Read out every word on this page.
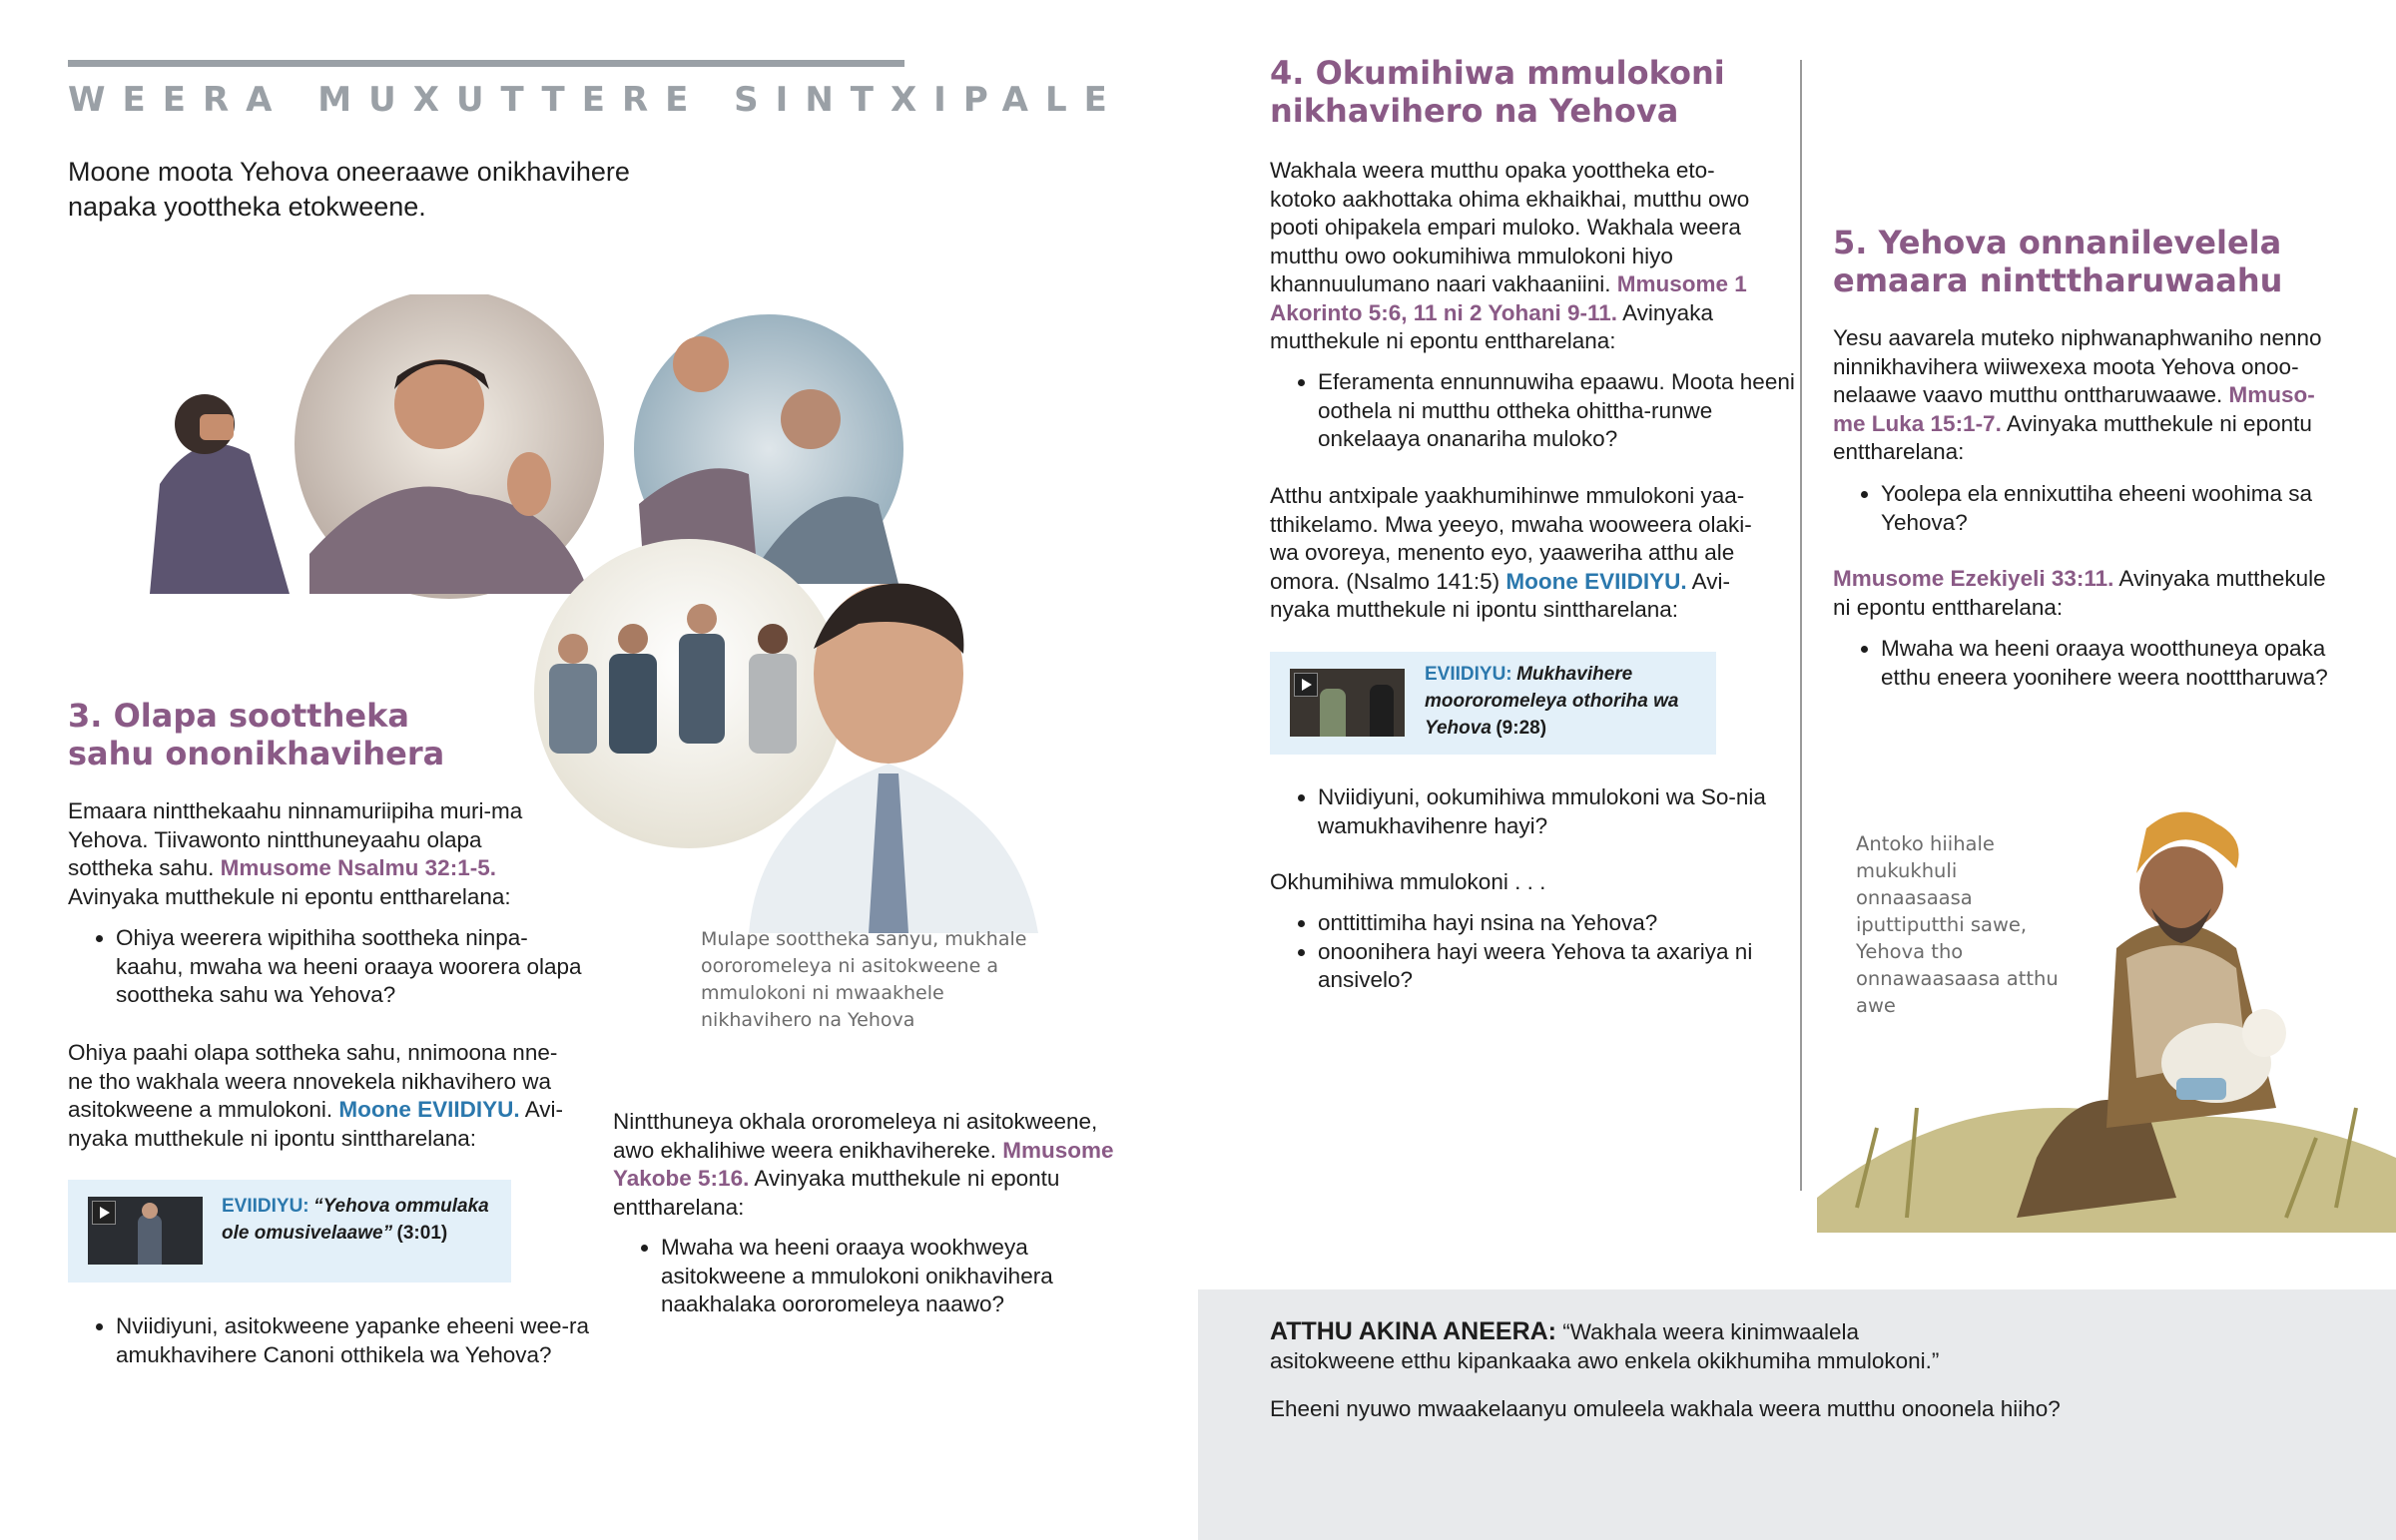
WEERA MUXUTTERE SINTXIPALE
Moone moota Yehova oneeraawe onikhavihere napaka yoottheka etokweene.
3. Olapa soottheka
sahu ononikhavihera

Emaara nintthekaahu ninnamuriipiha muri-ma Yehova. Tiivawonto nintthuneyaahu olapa sottheka sahu. Mmusome Nsalmu 32:1-5. Avinyaka mutthekule ni epontu enttharelana:

• Ohiya weerera wipithiha soottheka ninpa-kaahu, mwaha wa heeni oraaya woorera olapa soottheka sahu wa Yehova?

Ohiya paahi olapa sottheka sahu, nnimoona nne-ne tho wakhala weera nnovekela nikhavihero wa asitokweene a mmulokoni. Moone EVIIDIYU. Avi-nyaka mutthekule ni ipontu sinttharelana:

EVIIDIYU: “Yehova ommulaka ole omusivelaawe” (3:01)
• Nviidiyuni, asitokweene yapanke eheeni wee-ra amukhavihere Canoni otthikela wa Yehova?
Mulape soottheka sanyu, mukhale oororomeleya ni asitokweene a mmulokoni ni mwaakhele nikhavihero na Yehova

Nintthuneya okhala ororomeleya ni asitokweene, awo ekhalihiwe weera enikhavihereke. Mmusome Yakobe 5:16. Avinyaka mutthekule ni epontu enttharelana:

• Mwaha wa heeni oraaya wookhweya asitokweene a mmulokoni onikhavihera naakhalaka oororomeleya naawo?
4. Okumihiwa mmulokoni
nikhavihero na Yehova

Wakhala weera mutthu opaka yoottheka eto-kotoko aakhottaka ohima ekhaikhai, mutthu owo pooti ohipakela empari muloko. Wakhala weera mutthu owo ookumihiwa mmulokoni hiyo khannuulumano naari vakhaaniini. Mmusome 1 Akorinto 5:6, 11 ni 2 Yohani 9-11. Avinyaka mutthekule ni epontu enttharelana:

• Eferamenta ennunnuwiha epaawu. Moota heeni oothela ni mutthu ottheka ohittha-runwe onkelaaya onanariha muloko?

Atthu antxipale yaakhumihinwe mmulokoni yaa-tthikelamo. Mwa yeeyo, mwaha wooweera olaki-wa ovoreya, menento eyo, yaaweriha atthu ale omora. (Nsalmo 141:5) Moone EVIIDIYU. Avi-nyaka mutthekule ni ipontu sinttharelana:

EVIIDIYU: Mukhavihere moororomeleya othoriha wa Yehova (9:28)
• Nviidiyuni, ookumihiwa mmulokoni wa So-nia wamukhavihenre hayi?
Okhumihiwa mmulokoni . . .
• onttittimiha hayi nsina na Yehova?
• onoonihera hayi weera Yehova ta axariya ni ansivelo?
5. Yehova onnanilevelela
emaara nintttharuwaahu

Yesu aavarela muteko niphwanaphwaniho nenno ninnikhavihera wiiwexexa moota Yehova onoo-nelaawe vaavo mutthu onttharuwaawe. Mmuso-me Luka 15:1-7. Avinyaka mutthekule ni epontu enttharelana:

• Yoolepa ela ennixuttiha eheeni woohima sa Yehova?

Mmusome Ezekiyeli 33:11. Avinyaka mutthekule ni epontu enttharelana:

• Mwaha wa heeni oraaya wootthuneya opaka etthu eneera yoonihere weera nootttharuwa?
Antoko hiihale mukukhuli onnaasaasa iputtiputthi sawe, Yehova tho onnawaasaasa atthu awe
ATTHU AKINA ANEERA: “Wakhala weera kinimwaalela asitokweene etthu kipankaaka awo enkela okikhumiha mmulokoni.”
Eheeni nyuwo mwaakelaanyu omuleela wakhala weera mutthu onoonela hiiho?
